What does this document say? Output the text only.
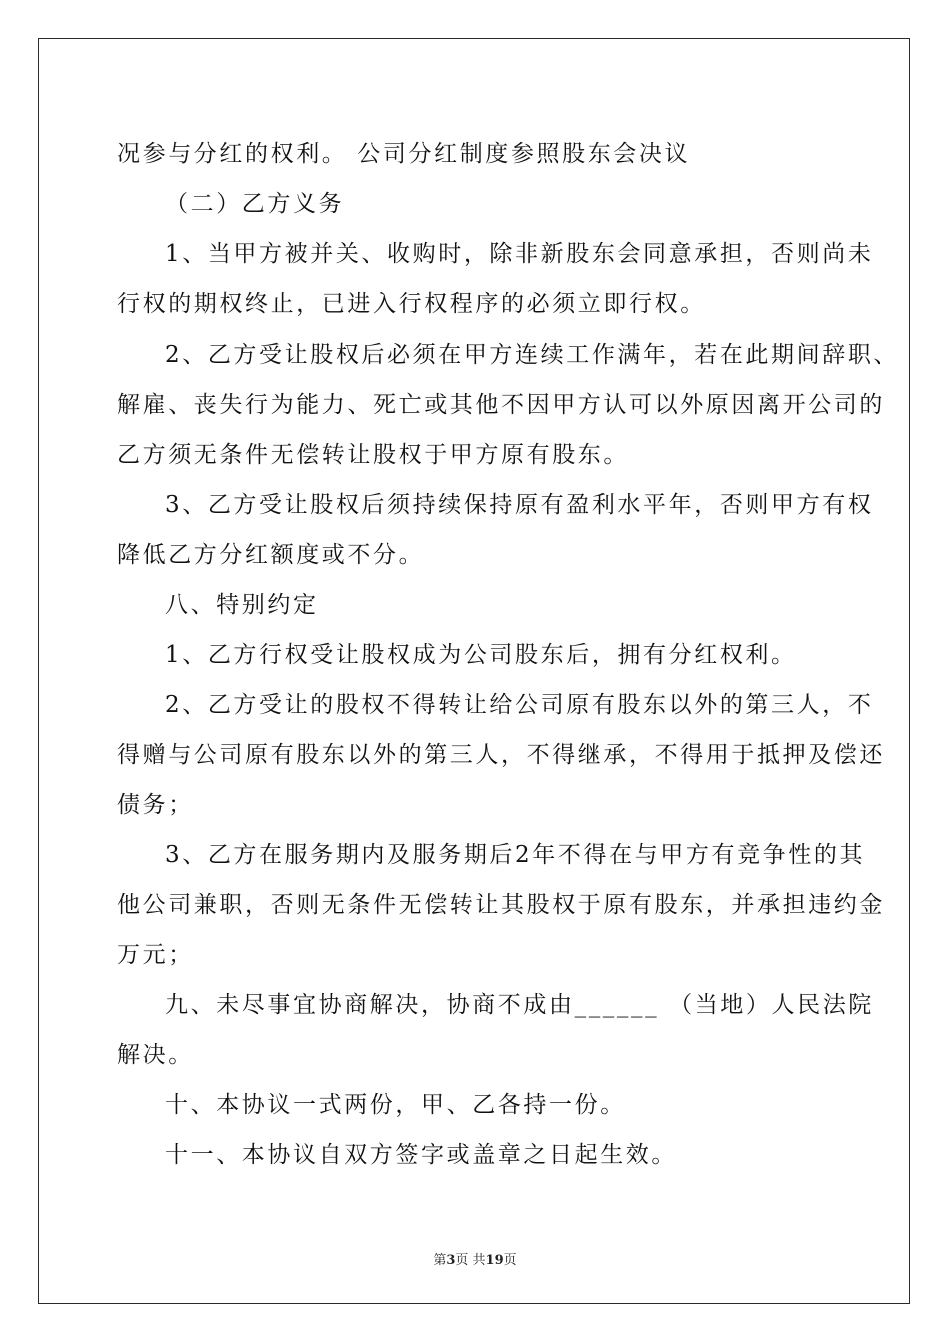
况参与分红的权利。 公司分红制度参照股东会决议
（二）乙方义务
1、当甲方被并关、收购时，除非新股东会同意承担，否则尚未
行权的期权终止，已进入行权程序的必须立即行权。
2、乙方受让股权后必须在甲方连续工作满年，若在此期间辞职、
解雇、丧失行为能力、死亡或其他不因甲方认可以外原因离开公司的
乙方须无条件无偿转让股权于甲方原有股东。
3、乙方受让股权后须持续保持原有盈利水平年，否则甲方有权
降低乙方分红额度或不分。
八、特别约定
1、乙方行权受让股权成为公司股东后，拥有分红权利。
2、乙方受让的股权不得转让给公司原有股东以外的第三人，不
得赠与公司原有股东以外的第三人，不得继承，不得用于抵押及偿还
债务；
3、乙方在服务期内及服务期后2年不得在与甲方有竞争性的其
他公司兼职，否则无条件无偿转让其股权于原有股东，并承担违约金
万元；
九、未尽事宜协商解决，协商不成由______ （当地）人民法院
解决。
十、本协议一式两份，甲、乙各持一份。
十一、本协议自双方签字或盖章之日起生效。
第3页 共19页
